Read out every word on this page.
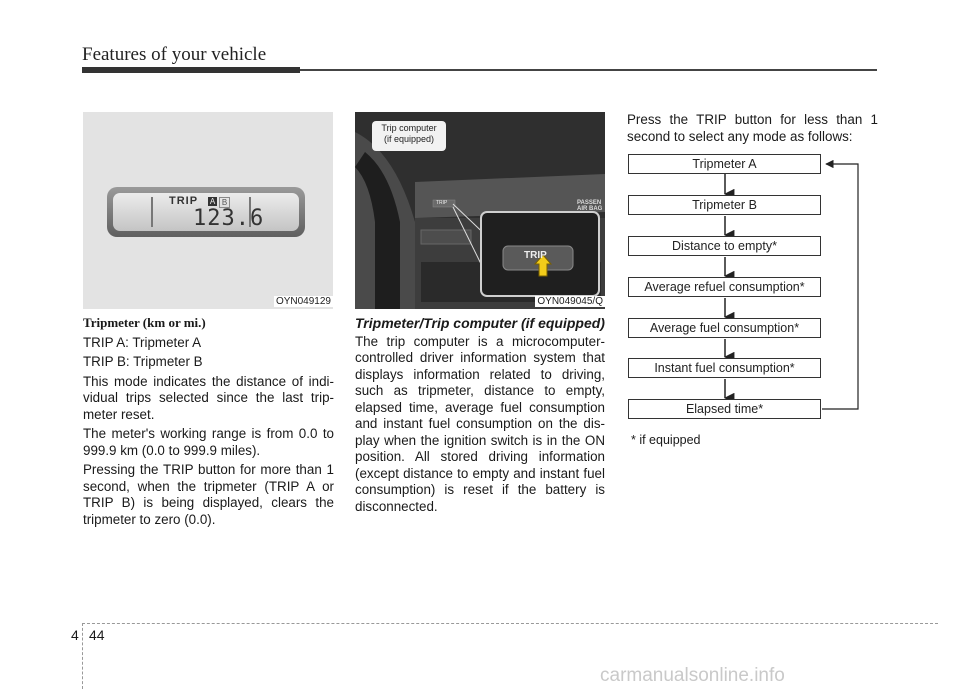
Features of your vehicle
TRIP A B
123.6
OYN049129
TRIP
TRIP
PASSEN
AIR BAG
Trip computer
(if equipped)
OYN049045/Q

Tripmeter (km or mi.)

TRIP A: Tripmeter A

TRIP B: Tripmeter B

This mode indicates the distance of indi-vidual trips selected since the last trip-meter reset.

The meter's working range is from 0.0 to 999.9 km (0.0 to 999.9 miles).

Pressing the TRIP button for more than 1 second, when the tripmeter (TRIP A or TRIP B) is being displayed, clears the tripmeter to zero (0.0).

Tripmeter/Trip computer (if equipped)

The trip computer is a microcomputer-controlled driver information system that displays information related to driving, such as tripmeter, distance to empty, elapsed time, average fuel consumption and instant fuel consumption on the dis-play when the ignition switch is in the ON position. All stored driving information (except distance to empty and instant fuel consumption) is reset if the battery is disconnected.

Press the TRIP button for less than 1 second to select any mode as follows:
Tripmeter A
Tripmeter B
Distance to empty*
Average refuel consumption*
Average fuel consumption*
Instant fuel consumption*
Elapsed time*
* if equipped
4 44
carmanualsonline.info
